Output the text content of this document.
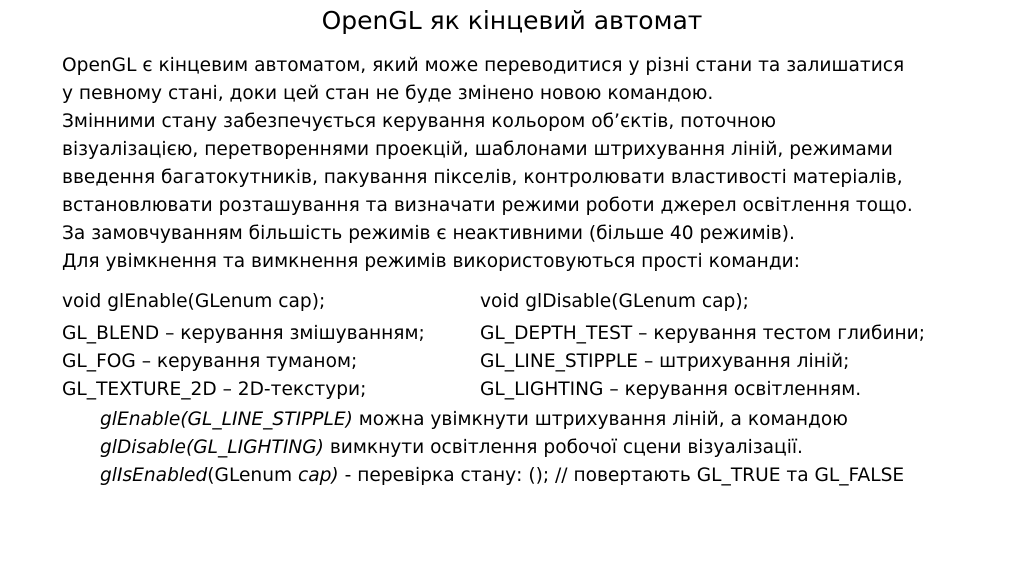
OpenGL як кінцевий автомат
OpenGL є кінцевим автоматом, який може переводитися у різні стани та залишатися
у певному стані, доки цей стан не буде змінено новою командою.
Змінними стану забезпечується керування кольором об’єктів, поточною
візуалізацією, перетвореннями проекцій, шаблонами штрихування ліній, режимами
введення багатокутників, пакування пікселів, контролювати властивості матеріалів,
встановлювати розташування та визначати режими роботи джерел освітлення тощо.
За замовчуванням більшість режимів є неактивними (більше 40 режимів).
Для увімкнення та вимкнення режимів використовуються прості команди:
void glEnable(GLenum cap);	void glDisable(GLenum cap);
GL_BLEND – керування змішуванням;	GL_DEPTH_TEST – керування тестом глибини;
GL_FOG – керування туманом;	GL_LINE_STIPPLE – штрихування ліній;
GL_TEXTURE_2D – 2D-текстури;	GL_LIGHTING – керування освітленням.
glEnable(GL_LINE_STIPPLE) можна увімкнути штрихування ліній, а командою
glDisable(GL_LIGHTING) вимкнути освітлення робочої сцени візуалізації.
glIsEnabled(GLenum cap) - перевірка стану: (); // повертають GL_TRUE та GL_FALSE
